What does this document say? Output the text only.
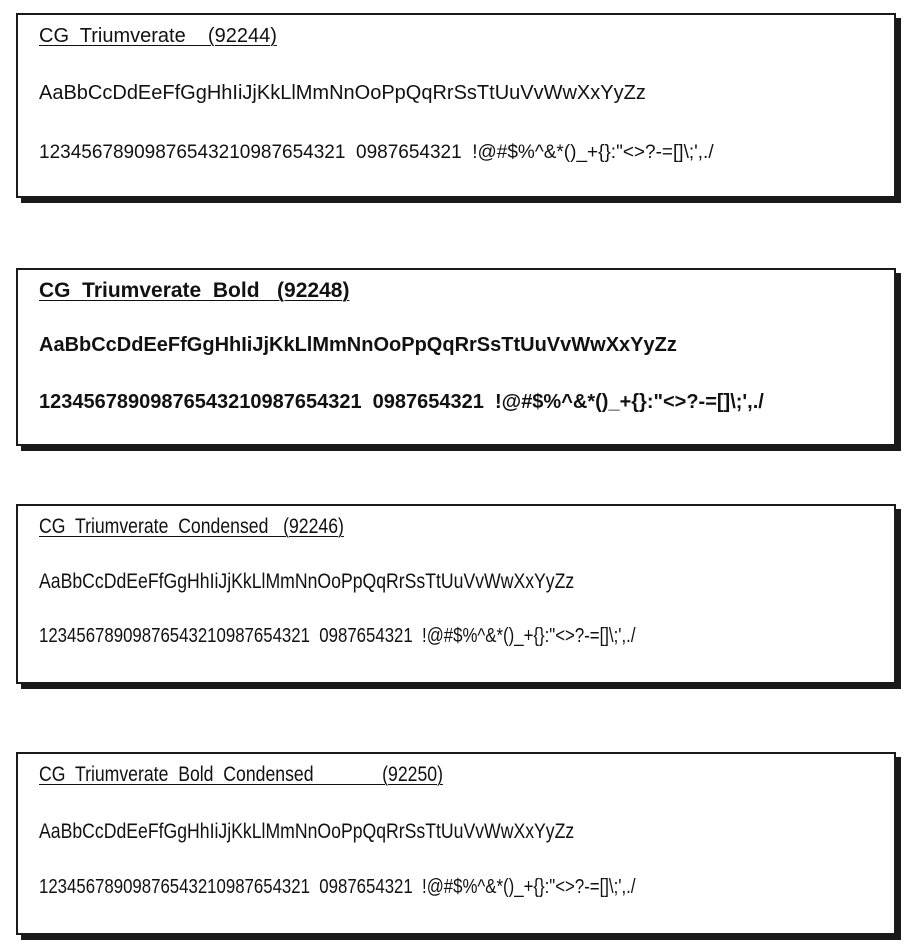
CG  Triumverate    (92244)
AaBbCcDdEeFfGgHhIiJjKkLlMmNnOoPpQqRrSsTtUuVvWwXxYyZz
12345678909876543210987654321  0987654321  !@#$%^&*()_+{}:"<>?-=[]\;',./
CG  Triumverate  Bold   (92248)
AaBbCcDdEeFfGgHhIiJjKkLlMmNnOoPpQqRrSsTtUuVvWwXxYyZz
12345678909876543210987654321  0987654321  !@#$%^&*()_+{}:"<>?-=[]\;',./
CG  Triumverate  Condensed   (92246)
AaBbCcDdEeFfGgHhIiJjKkLlMmNnOoPpQqRrSsTtUuVvWwXxYyZz
12345678909876543210987654321  0987654321  !@#$%^&*()_+{}:"<>?-=[]\;',./
CG  Triumverate  Bold  Condensed              (92250)
AaBbCcDdEeFfGgHhIiJjKkLlMmNnOoPpQqRrSsTtUuVvWwXxYyZz
12345678909876543210987654321  0987654321  !@#$%^&*()_+{}:"<>?-=[]\;',./
